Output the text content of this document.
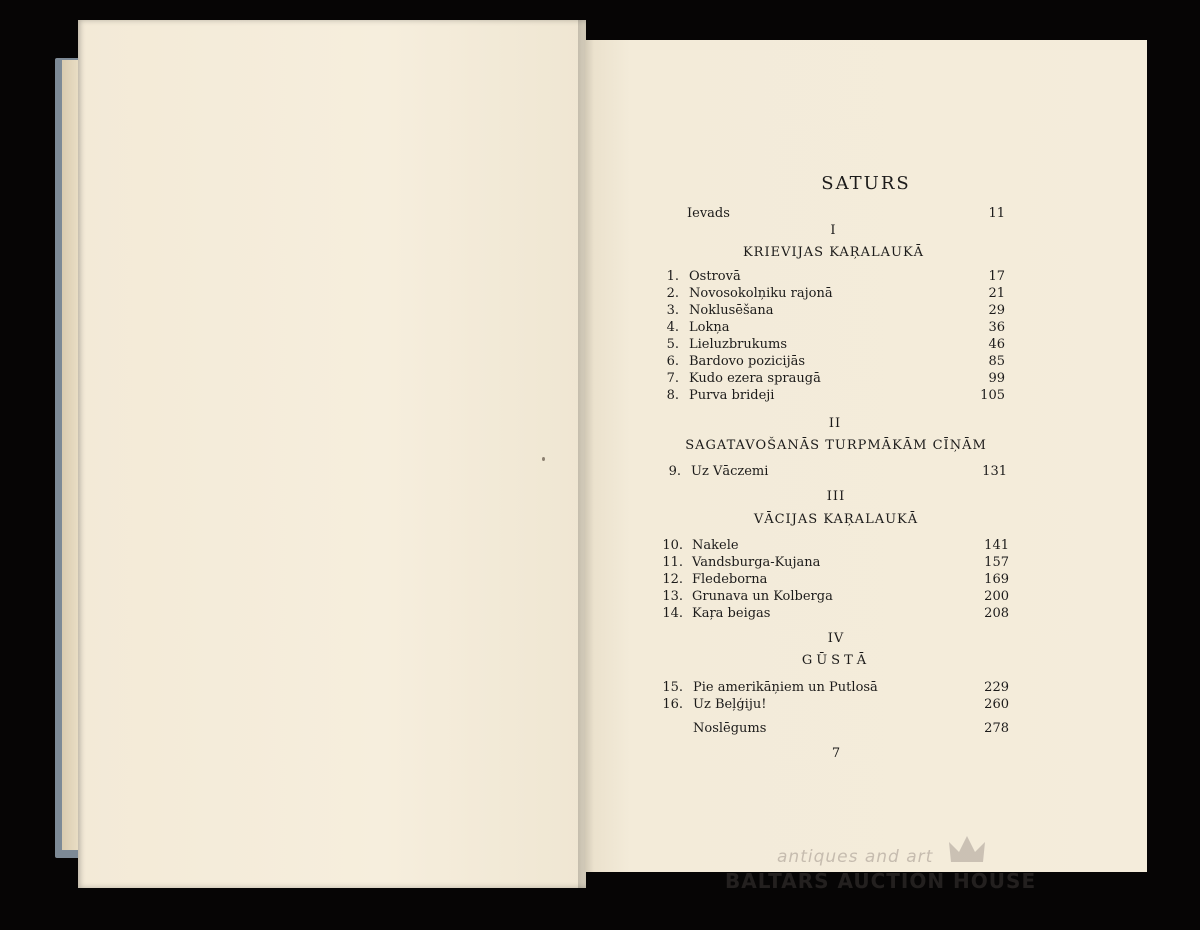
SATURS
Ievads	11
I
KRIEVIJAS KAŖALAUKĀ
1. Ostrovā	17
2. Novosokolņiku rajonā	21
3. Noklusēšana	29
4. Lokņa	36
5. Lieluzbrukums	46
6. Bardovo pozicijās	85
7. Kudo ezera spraugā	99
8. Purva brideji	105
II
SAGATAVOŠANĀS TURPMĀKĀM CĪŅĀM
9. Uz Vāczemi	131
III
VĀCIJAS KAŖALAUKĀ
10. Nakele	141
11. Vandsburga-Kujana	157
12. Fledeborna	169
13. Grunava un Kolberga	200
14. Kaŗa beigas	208
IV
GŪSTĀ
15. Pie amerikāņiem un Putlosā	229
16. Uz Beļģiju!	260
Noslēgums	278
7
antiques and art
BALTARS AUCTION HOUSE
